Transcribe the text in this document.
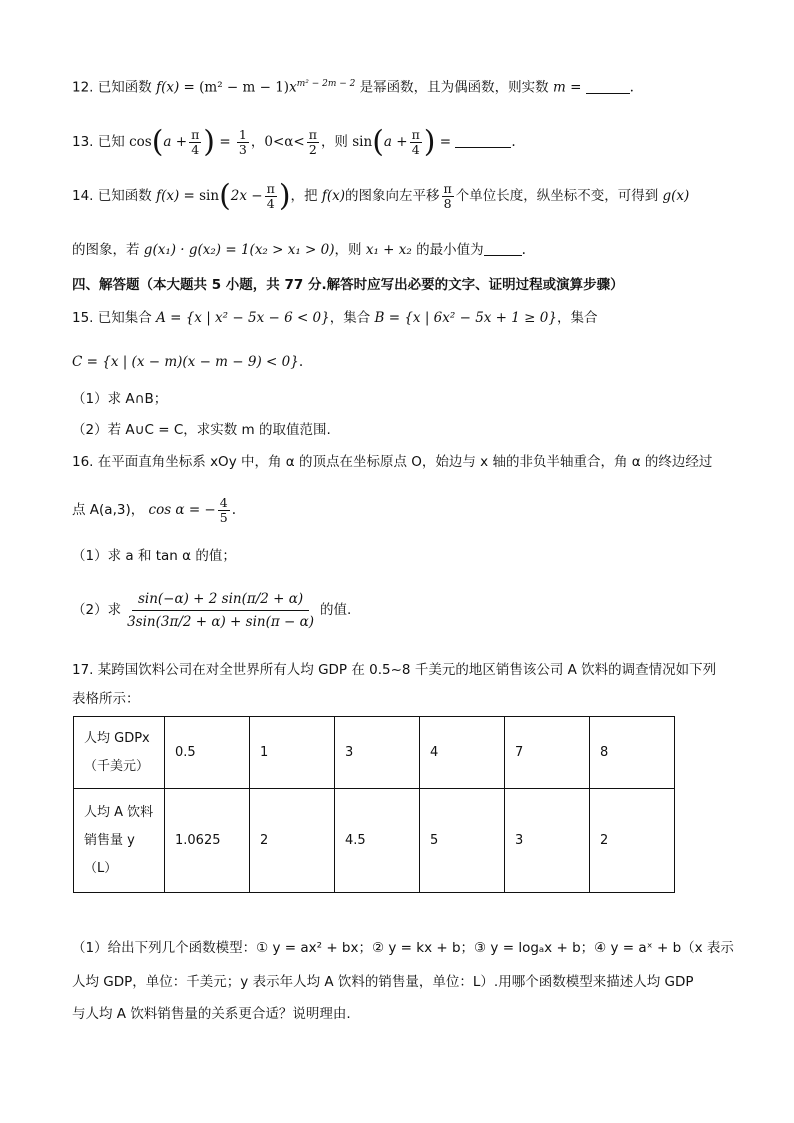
12. 已知函数 $f(x) = (m^2 - m - 1)x^{m^2 - 2m - 2}$ 是幂函数，且为偶函数，则实数 m =	.
13. 已知 $\cos(a + \frac{\pi}{4}$ ) = $\frac{1}{3}$ ，$0<\alpha< \frac{\pi}{2}$ ，则 $\sin(a + \frac{\pi}{4}$ ) =	.
14. 已知函数 $f(x) = \sin(2x - \frac{\pi}{4}$ )，把 f(x)的图象向左平移 $\frac{\pi}{8}$ 个单位长度，纵坐标不变，可得到 g(x)
的图象，若 g(x₁) · g(x₂) = 1(x₂ > x₁ > 0)，则 x₁ + x₂ 的最小值为	.
四、解答题（本大题共 5 小题，共 77 分.解答时应写出必要的文字、证明过程或演算步骤）
15. 已知集合 A = {x | x² − 5x − 6 < 0}，集合 B = {x | 6x² − 5x + 1 ≥ 0}，集合
C = {x | (x − m)(x − m − 9) < 0}.
（1）求 A∩B；
（2）若 A∪C = C，求实数 m 的取值范围.
16. 在平面直角坐标系 xOy 中，角 α 的顶点在坐标原点 O，始边与 x 轴的非负半轴重合，角 α 的终边经过
点 A(a,3)， cos α = − $\frac{4}{5}$ .
（1）求 a 和 tan α 的值；
（2）求 $\frac{\sin(-\alpha) + 2 \sin(\pi/2 + \alpha)}{3\sin(3\pi/2 + \alpha) + \sin(\pi - \alpha)}$ 的值.
17. 某跨国饮料公司在对全世界所有人均 GDP 在 0.5~8 千美元的地区销售该公司 A 饮料的调查情况如下列
表格所示：
人均 GDPx
（千美元）	0.5	1	3	4	7	8

人均 A 饮料
销售量 y
（L）	1.0625	2	4.5	5	3	2
（1）给出下列几个函数模型：① y = ax² + bx；② y = kx + b；③ y = logₐx + b；④ y = aˣ + b（x 表示
人均 GDP，单位：千美元；y 表示年人均 A 饮料的销售量，单位：L）.用哪个函数模型来描述人均 GDP
与人均 A 饮料销售量的关系更合适？说明理由.
